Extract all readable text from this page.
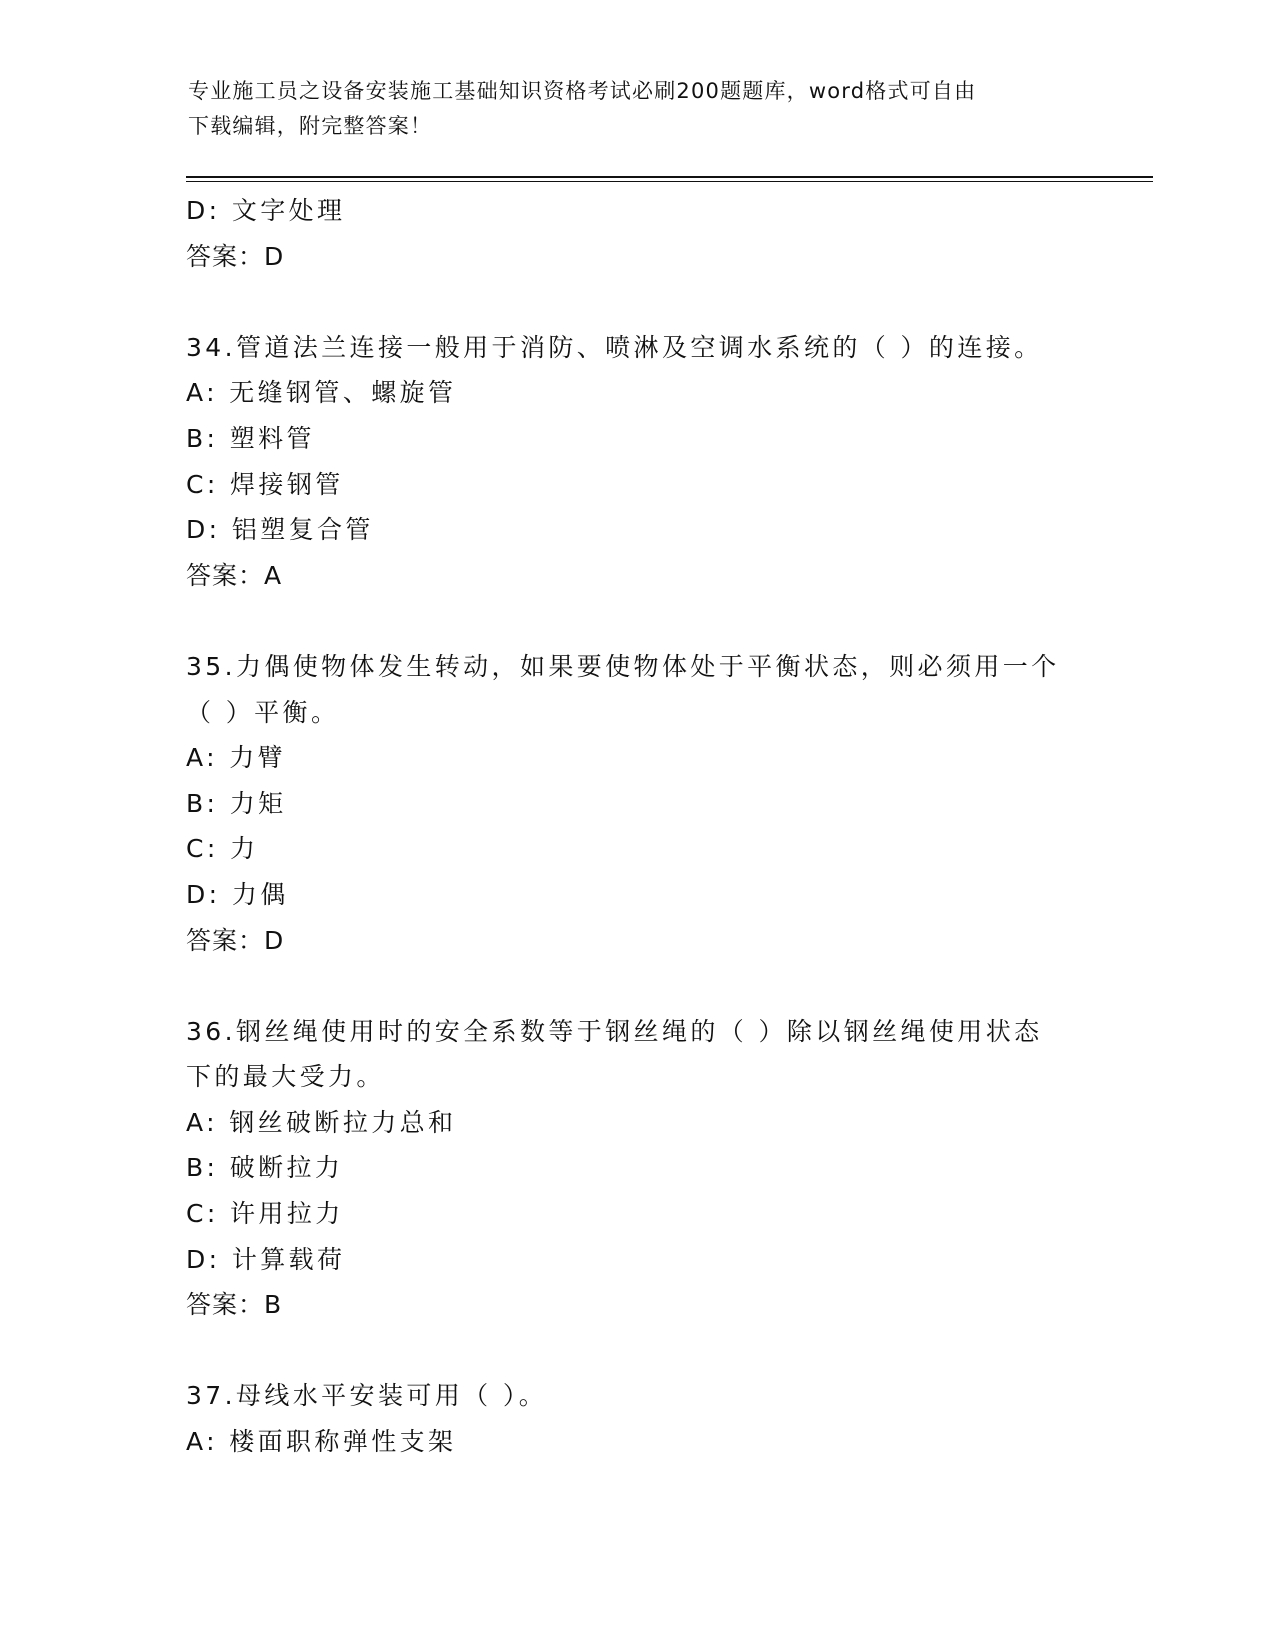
专业施工员之设备安装施工基础知识资格考试必刷200题题库，word格式可自由
下载编辑，附完整答案！
D: 文字处理
答案：D
34.管道法兰连接一般用于消防、喷淋及空调水系统的（ ）的连接。
A: 无缝钢管、螺旋管
B: 塑料管
C: 焊接钢管
D: 铝塑复合管
答案：A
35.力偶使物体发生转动，如果要使物体处于平衡状态，则必须用一个
（ ）平衡。
A: 力臂
B: 力矩
C: 力
D: 力偶
答案：D
36.钢丝绳使用时的安全系数等于钢丝绳的（ ）除以钢丝绳使用状态
下的最大受力。
A: 钢丝破断拉力总和
B: 破断拉力
C: 许用拉力
D: 计算载荷
答案：B
37.母线水平安装可用（ ）。
A: 楼面职称弹性支架
